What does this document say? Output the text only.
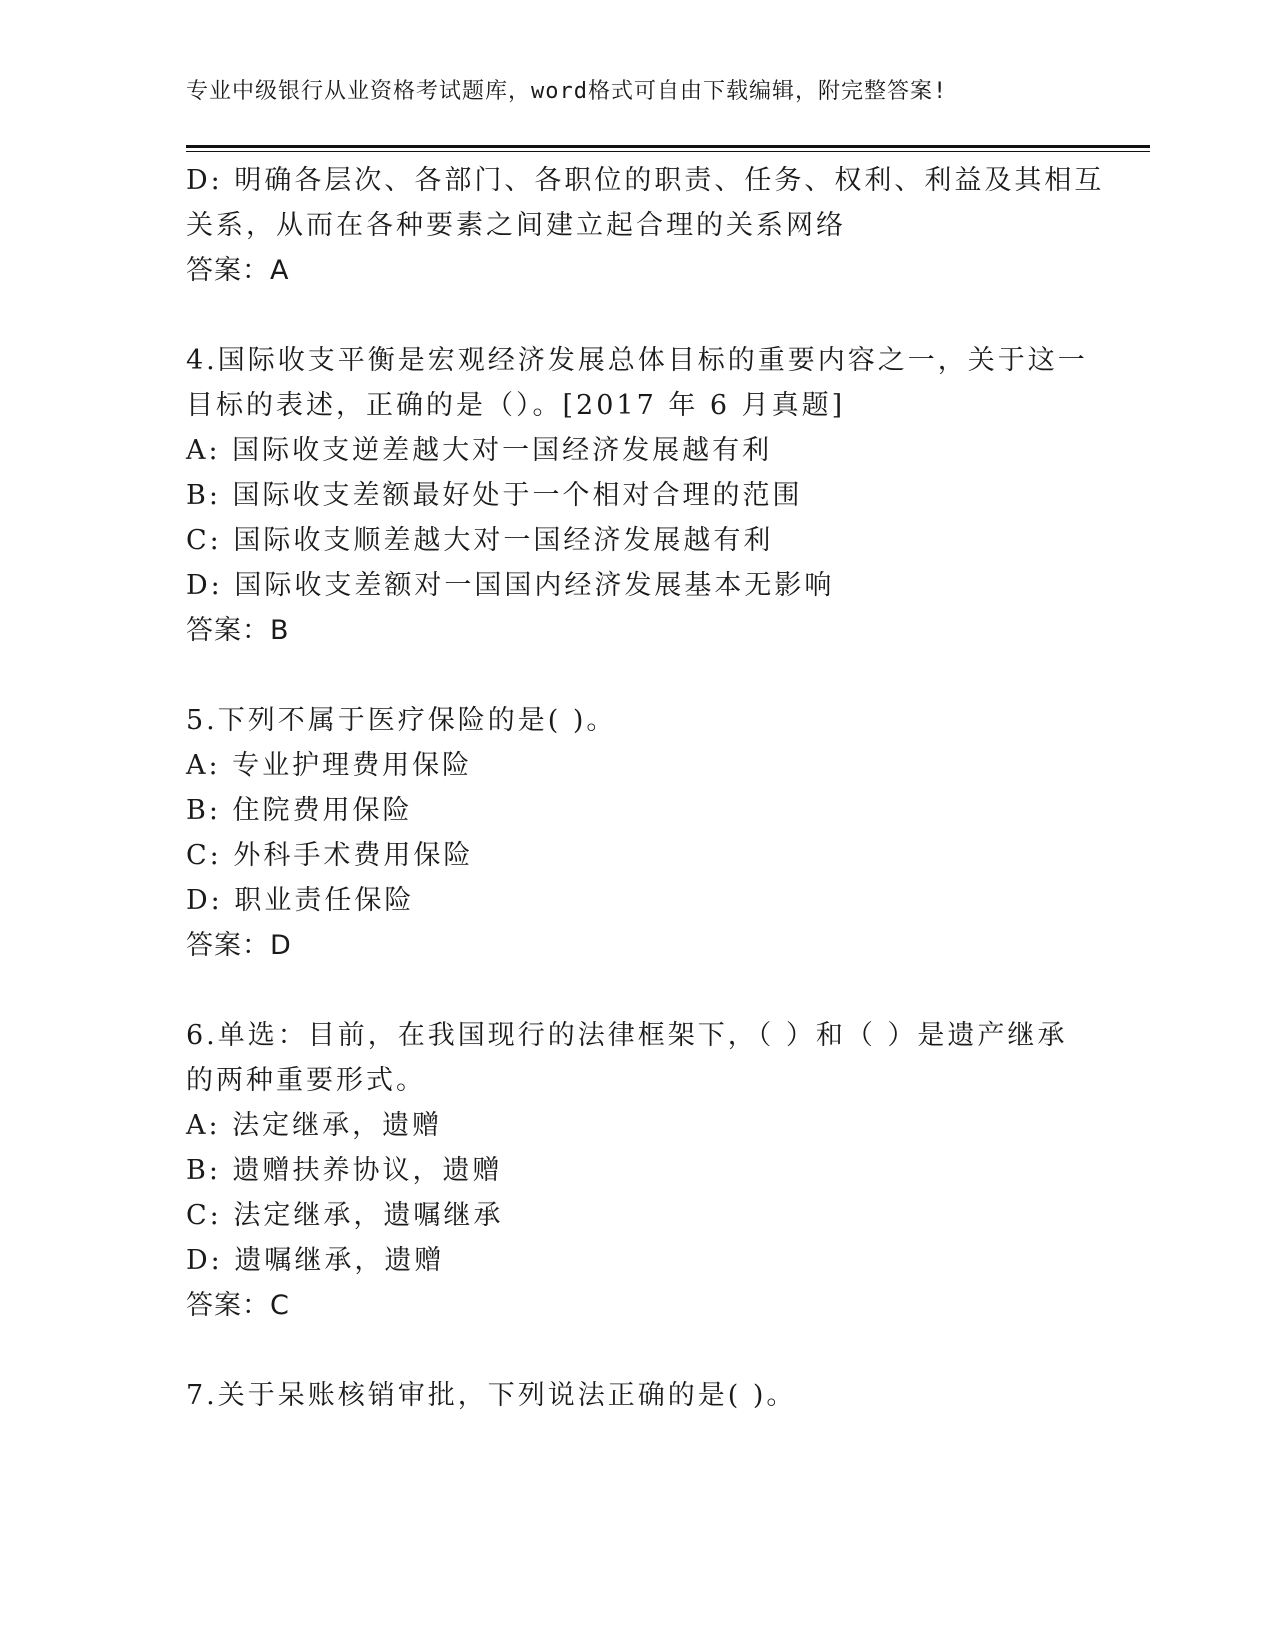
专业中级银行从业资格考试题库，word格式可自由下载编辑，附完整答案!
D: 明确各层次、各部门、各职位的职责、任务、权利、利益及其相互
关系，从而在各种要素之间建立起合理的关系网络
答案：A
4.国际收支平衡是宏观经济发展总体目标的重要内容之一，关于这一
目标的表述，正确的是（）。[2017 年 6 月真题]
A: 国际收支逆差越大对一国经济发展越有利
B: 国际收支差额最好处于一个相对合理的范围
C: 国际收支顺差越大对一国经济发展越有利
D: 国际收支差额对一国国内经济发展基本无影响
答案：B
5.下列不属于医疗保险的是( )。
A: 专业护理费用保险
B: 住院费用保险
C: 外科手术费用保险
D: 职业责任保险
答案：D
6.单选：目前，在我国现行的法律框架下，（ ）和（ ）是遗产继承
的两种重要形式。
A: 法定继承，遗赠
B: 遗赠扶养协议，遗赠
C: 法定继承，遗嘱继承
D: 遗嘱继承，遗赠
答案：C
7.关于呆账核销审批，下列说法正确的是( )。
